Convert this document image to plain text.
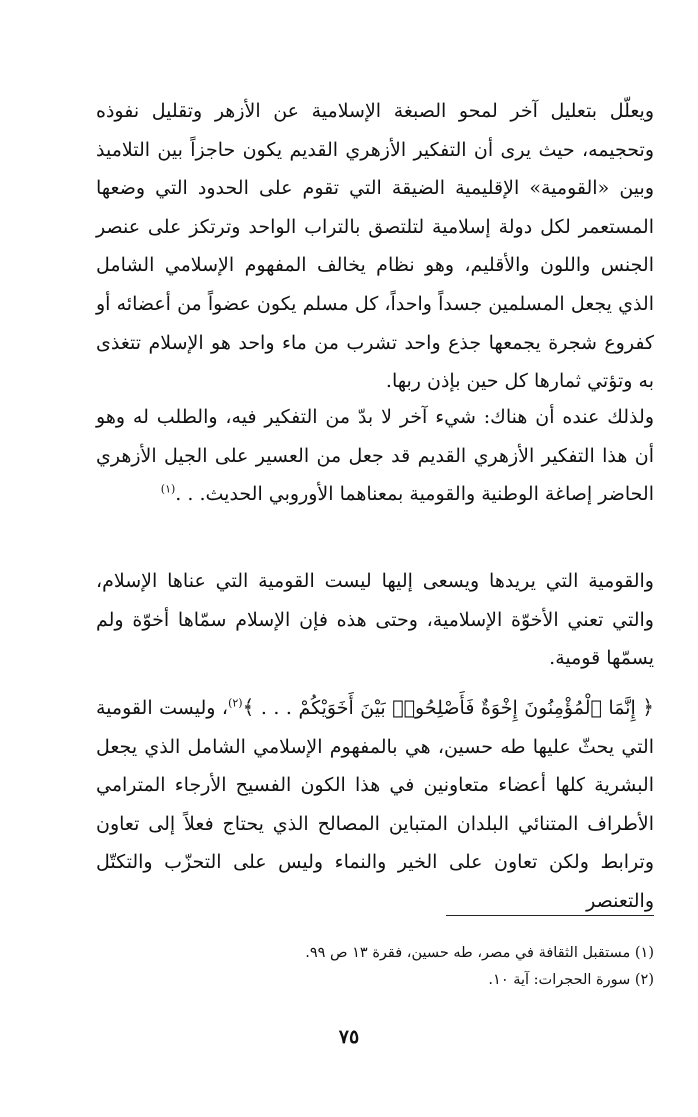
ويعلّل بتعليل آخر لمحو الصبغة الإسلامية عن الأزهر وتقليل نفوذه وتحجيمه، حيث يرى أن التفكير الأزهري القديم يكون حاجزاً بين التلاميذ وبين «القومية» الإقليمية الضيقة التي تقوم على الحدود التي وضعها المستعمر لكل دولة إسلامية لتلتصق بالتراب الواحد وترتكز على عنصر الجنس واللون والأقليم، وهو نظام يخالف المفهوم الإسلامي الشامل الذي يجعل المسلمين جسداً واحداً، كل مسلم يكون عضواً من أعضائه أو كفروع شجرة يجمعها جذع واحد تشرب من ماء واحد هو الإسلام تتغذى به وتؤتي ثمارها كل حين بإذن ربها.

ولذلك عنده أن هناك: شيء آخر لا بدّ من التفكير فيه، والطلب له وهو أن هذا التفكير الأزهري القديم قد جعل من العسير على الجيل الأزهري الحاضر إصاغة الوطنية والقومية بمعناهما الأوروبي الحديث. . .$^{(١)}$

والقومية التي يريدها ويسعى إليها ليست القومية التي عناها الإسلام، والتي تعني الأخوّة الإسلامية، وحتى هذه فإن الإسلام سمّاها أخوّة ولم يسمّها قومية.

﴿ إِنَّمَا ٱلْمُؤْمِنُونَ إِخْوَةٌ فَأَصْلِحُوا۟ بَيْنَ أَخَوَيْكُمْ . . . ﴾$^{(٢)}$، وليست القومية التي يحثّ عليها طه حسين، هي بالمفهوم الإسلامي الشامل الذي يجعل البشرية كلها أعضاء متعاونين في هذا الكون الفسيح الأرجاء المترامي الأطراف المتنائي البلدان المتباين المصالح الذي يحتاج فعلاً إلى تعاون وترابط ولكن تعاون على الخير والنماء وليس على التحزّب والتكتّل والتعنصر

(١) مستقبل الثقافة في مصر، طه حسين، فقرة ١٣ ص ٩٩.

(٢) سورة الحجرات: آية ١٠.

٧٥
